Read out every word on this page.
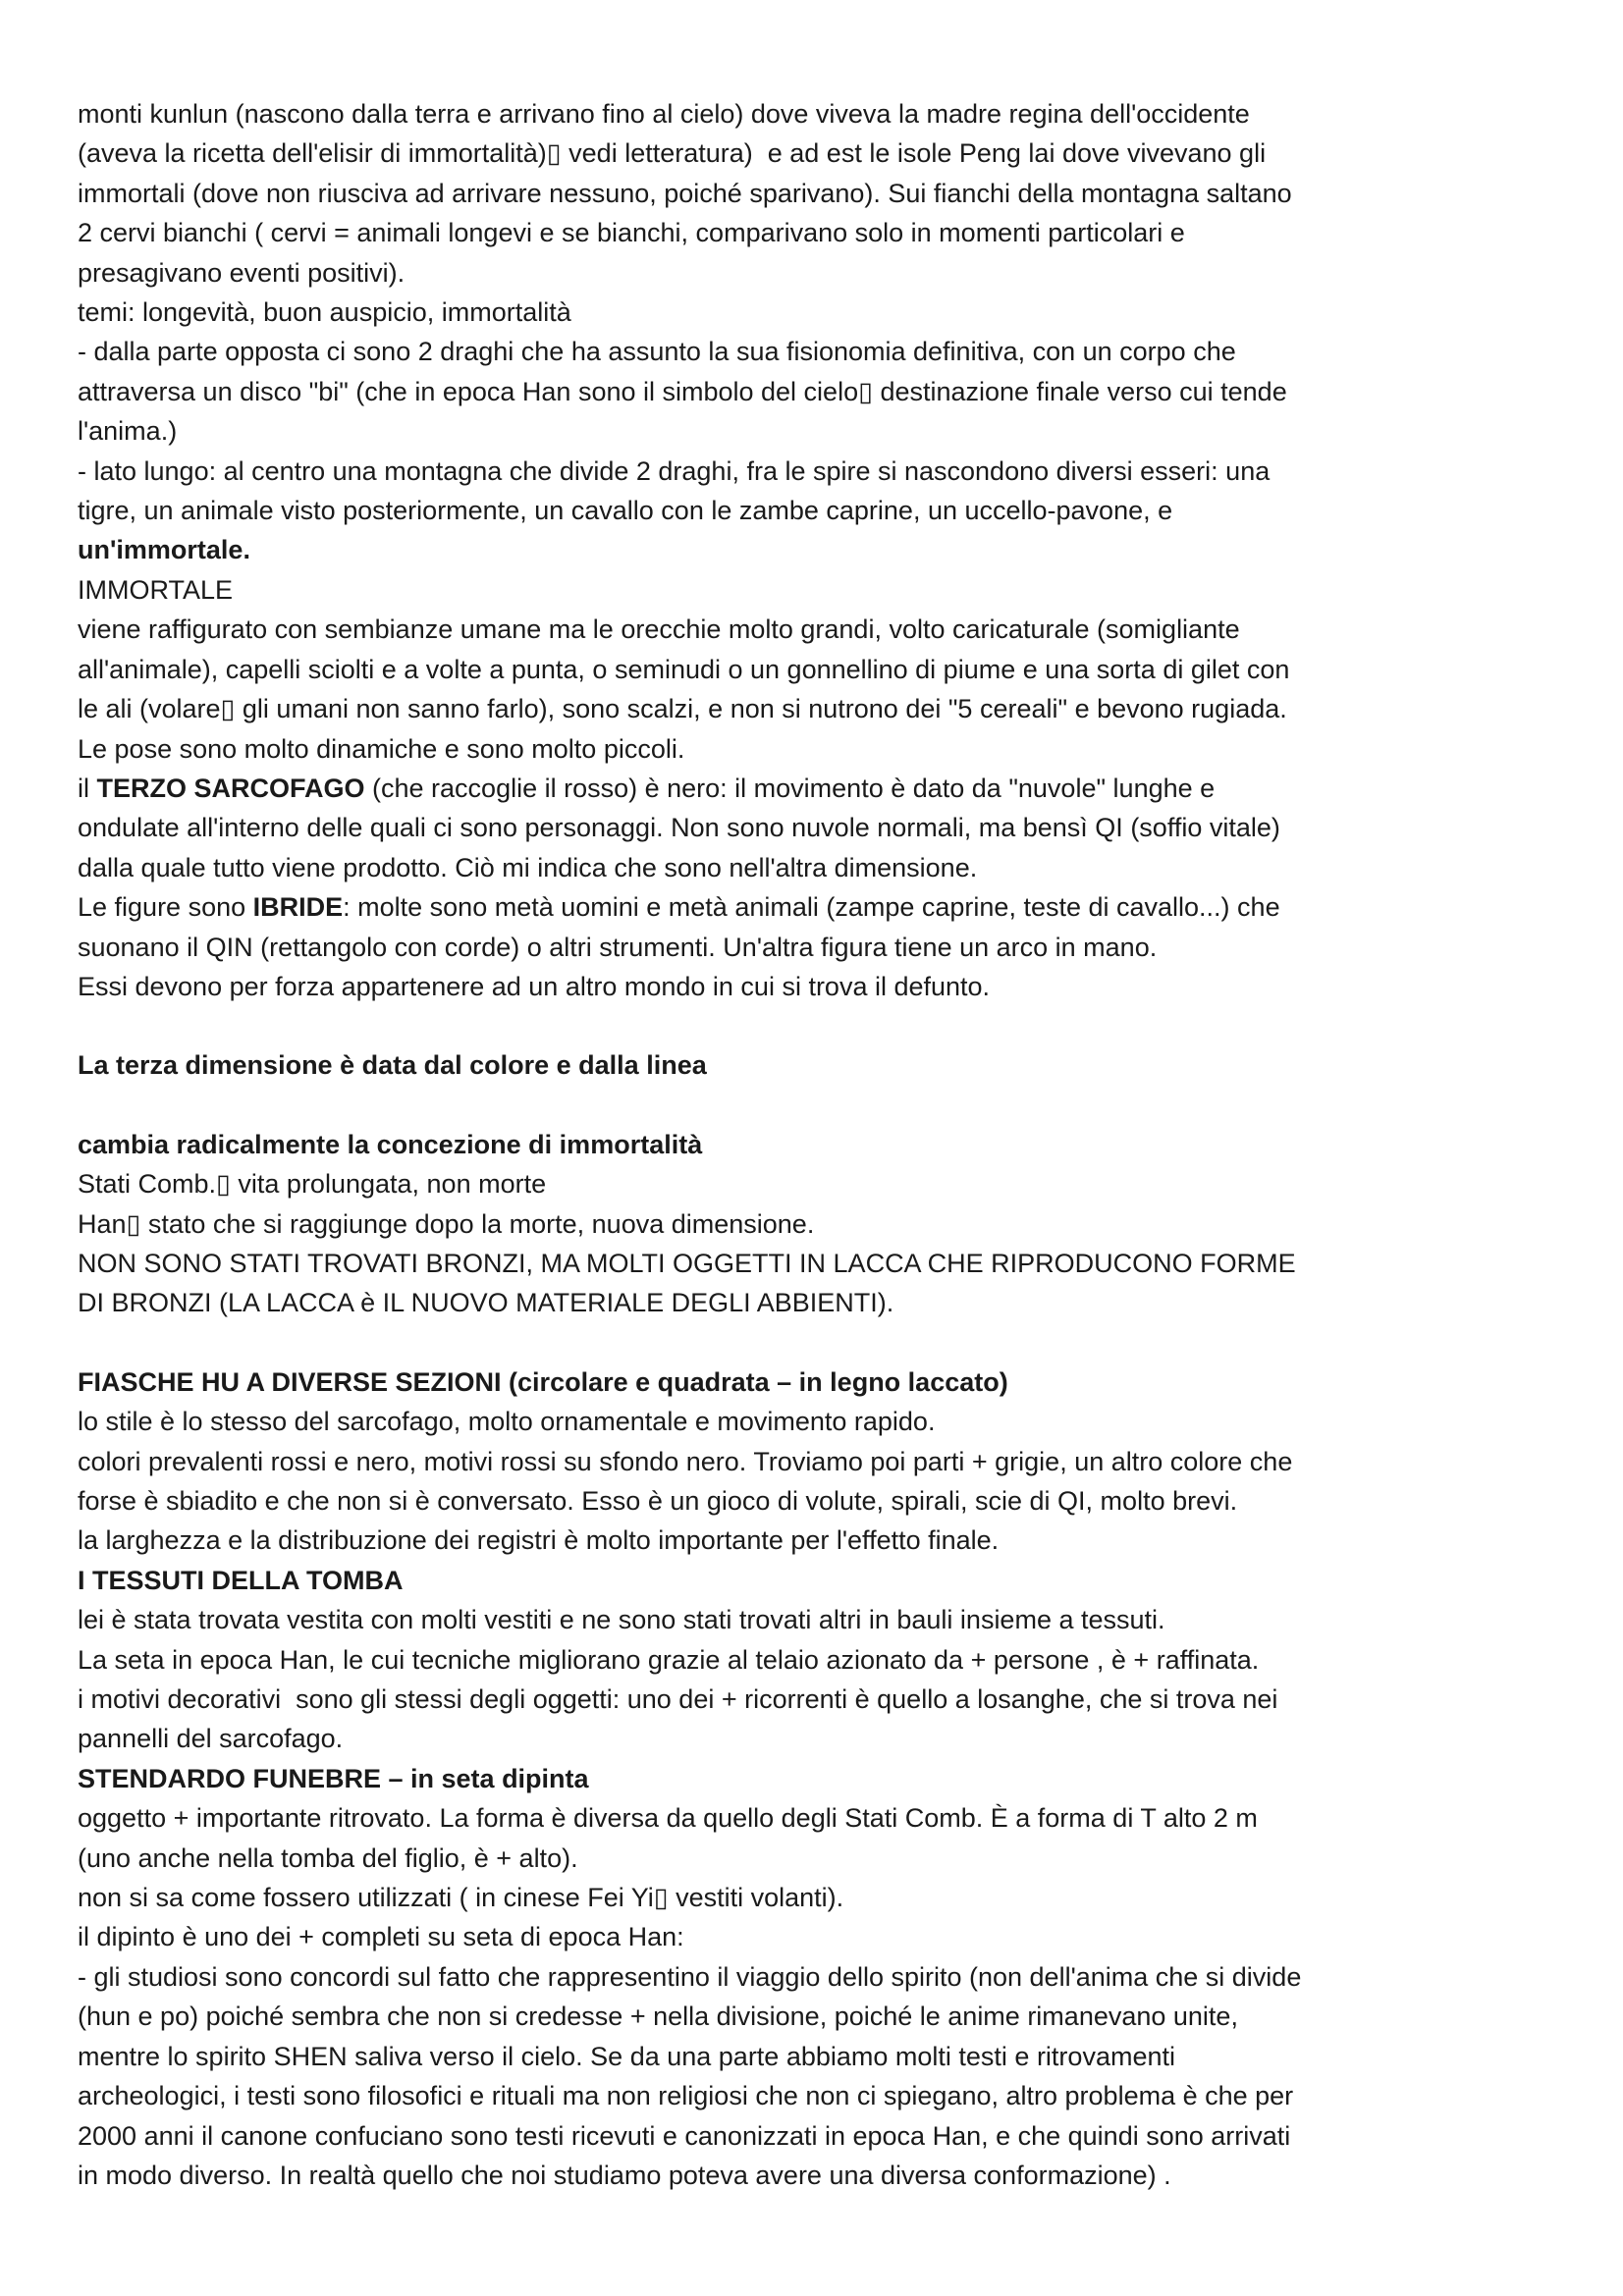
monti kunlun (nascono dalla terra e arrivano fino al cielo) dove viveva la madre regina dell'occidente

(aveva la ricetta dell'elisir di immortalità)▯ vedi letteratura)  e ad est le isole Peng lai dove vivevano gli

immortali (dove non riusciva ad arrivare nessuno, poiché sparivano). Sui fianchi della montagna saltano

2 cervi bianchi ( cervi = animali longevi e se bianchi, comparivano solo in momenti particolari e

presagivano eventi positivi).

temi: longevità, buon auspicio, immortalità

- dalla parte opposta ci sono 2 draghi che ha assunto la sua fisionomia definitiva, con un corpo che

attraversa un disco "bi" (che in epoca Han sono il simbolo del cielo▯ destinazione finale verso cui tende

l'anima.)

- lato lungo: al centro una montagna che divide 2 draghi, fra le spire si nascondono diversi esseri: una

tigre, un animale visto posteriormente, un cavallo con le zambe caprine, un uccello-pavone, e

un'immortale.

IMMORTALE

viene raffigurato con sembianze umane ma le orecchie molto grandi, volto caricaturale (somigliante

all'animale), capelli sciolti e a volte a punta, o seminudi o un gonnellino di piume e una sorta di gilet con

le ali (volare▯ gli umani non sanno farlo), sono scalzi, e non si nutrono dei "5 cereali" e bevono rugiada.

Le pose sono molto dinamiche e sono molto piccoli.

il TERZO SARCOFAGO (che raccoglie il rosso) è nero: il movimento è dato da "nuvole" lunghe e

ondulate all'interno delle quali ci sono personaggi. Non sono nuvole normali, ma bensì QI (soffio vitale)

dalla quale tutto viene prodotto. Ciò mi indica che sono nell'altra dimensione.

Le figure sono IBRIDE: molte sono metà uomini e metà animali (zampe caprine, teste di cavallo...) che

suonano il QIN (rettangolo con corde) o altri strumenti. Un'altra figura tiene un arco in mano.

Essi devono per forza appartenere ad un altro mondo in cui si trova il defunto.

La terza dimensione è data dal colore e dalla linea

cambia radicalmente la concezione di immortalità

Stati Comb.▯ vita prolungata, non morte

Han▯ stato che si raggiunge dopo la morte, nuova dimensione.

NON SONO STATI TROVATI BRONZI, MA MOLTI OGGETTI IN LACCA CHE RIPRODUCONO FORME

DI BRONZI (LA LACCA è IL NUOVO MATERIALE DEGLI ABBIENTI).

FIASCHE HU A DIVERSE SEZIONI (circolare e quadrata – in legno laccato)

lo stile è lo stesso del sarcofago, molto ornamentale e movimento rapido.

colori prevalenti rossi e nero, motivi rossi su sfondo nero. Troviamo poi parti + grigie, un altro colore che

forse è sbiadito e che non si è conversato. Esso è un gioco di volute, spirali, scie di QI, molto brevi.

la larghezza e la distribuzione dei registri è molto importante per l'effetto finale.

I TESSUTI DELLA TOMBA

lei è stata trovata vestita con molti vestiti e ne sono stati trovati altri in bauli insieme a tessuti.

La seta in epoca Han, le cui tecniche migliorano grazie al telaio azionato da + persone , è + raffinata.

i motivi decorativi  sono gli stessi degli oggetti: uno dei + ricorrenti è quello a losanghe, che si trova nei

pannelli del sarcofago.

STENDARDO FUNEBRE – in seta dipinta

oggetto + importante ritrovato. La forma è diversa da quello degli Stati Comb. È a forma di T alto 2 m

(uno anche nella tomba del figlio, è + alto).

non si sa come fossero utilizzati ( in cinese Fei Yi▯ vestiti volanti).

il dipinto è uno dei + completi su seta di epoca Han:

- gli studiosi sono concordi sul fatto che rappresentino il viaggio dello spirito (non dell'anima che si divide

(hun e po) poiché sembra che non si credesse + nella divisione, poiché le anime rimanevano unite,

mentre lo spirito SHEN saliva verso il cielo. Se da una parte abbiamo molti testi e ritrovamenti

archeologici, i testi sono filosofici e rituali ma non religiosi che non ci spiegano, altro problema è che per

2000 anni il canone confuciano sono testi ricevuti e canonizzati in epoca Han, e che quindi sono arrivati

in modo diverso. In realtà quello che noi studiamo poteva avere una diversa conformazione) .
